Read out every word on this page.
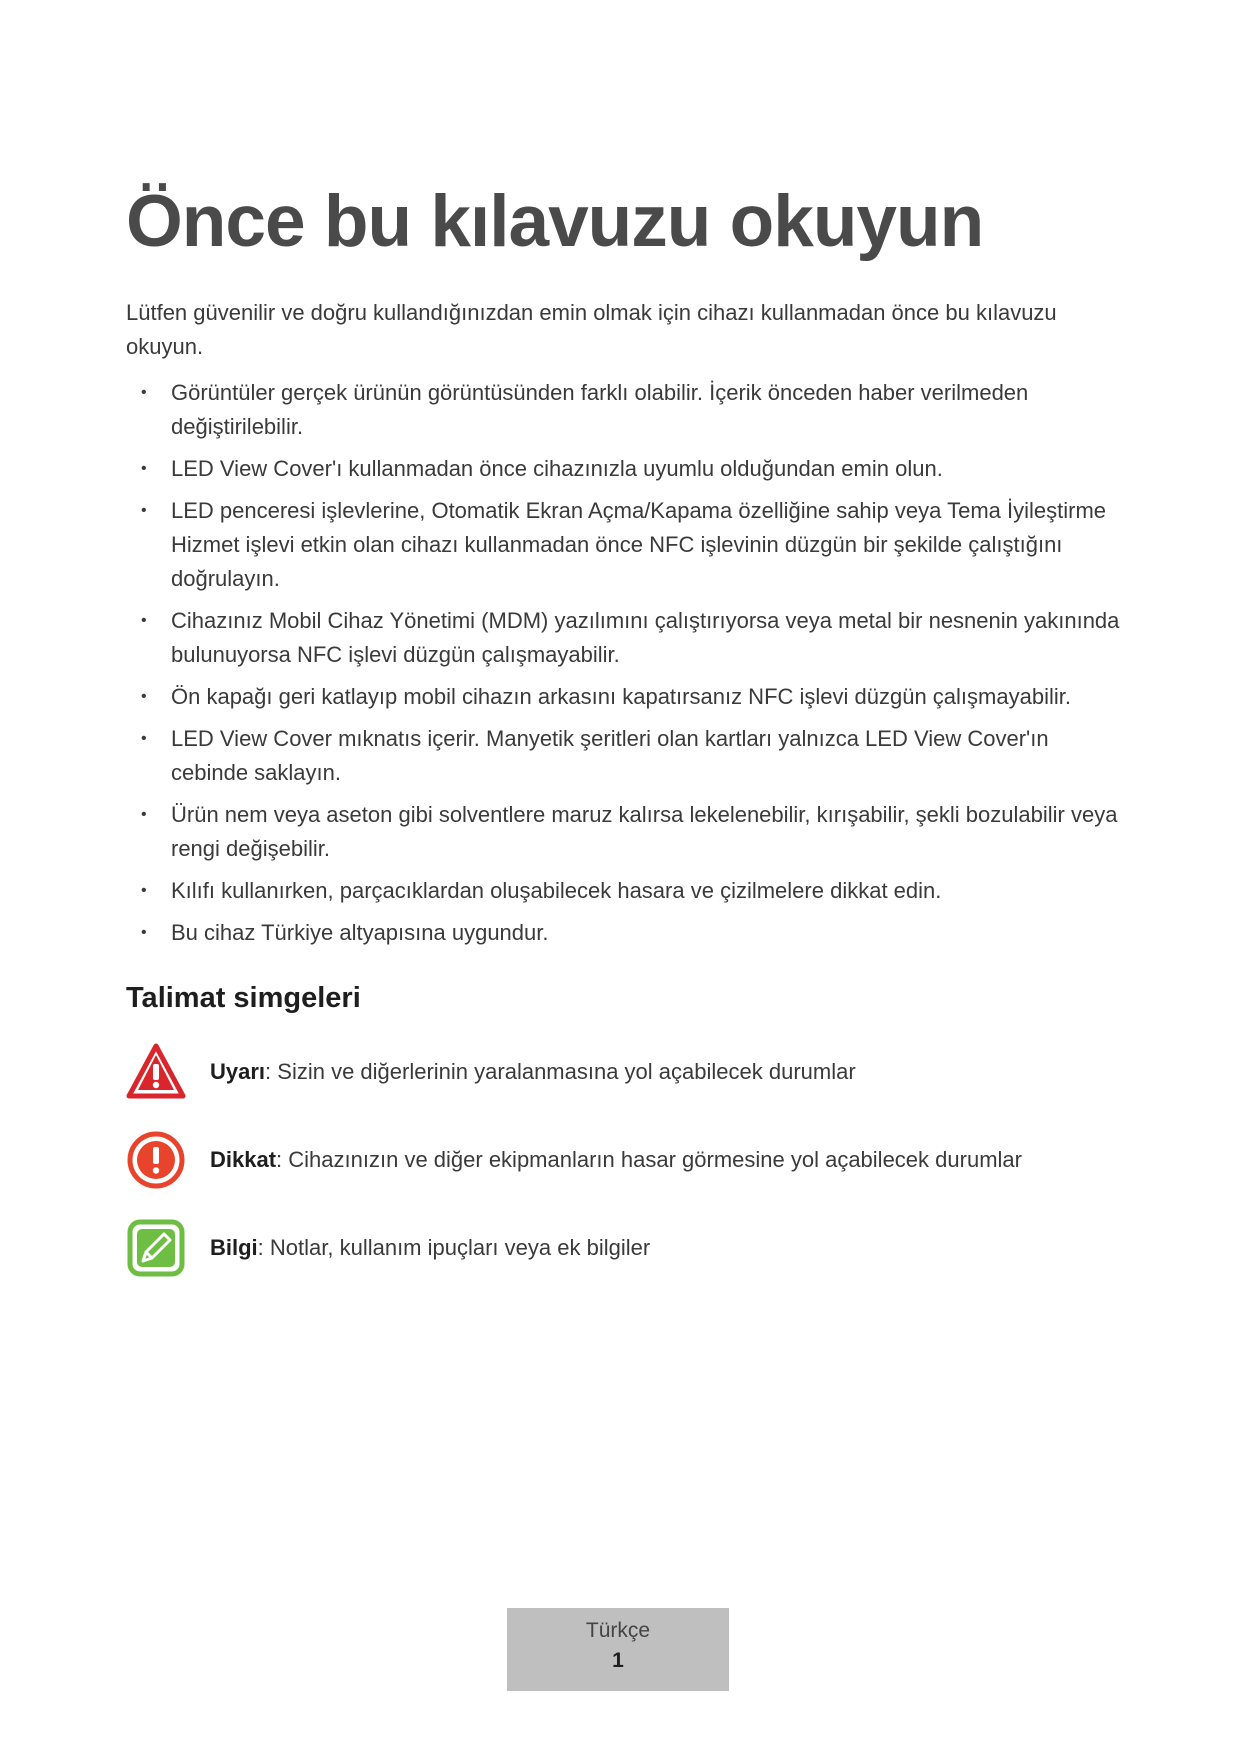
Önce bu kılavuzu okuyun

Lütfen güvenilir ve doğru kullandığınızdan emin olmak için cihazı kullanmadan önce bu kılavuzu okuyun.

• Görüntüler gerçek ürünün görüntüsünden farklı olabilir. İçerik önceden haber verilmeden değiştirilebilir.
• LED View Cover'ı kullanmadan önce cihazınızla uyumlu olduğundan emin olun.
• LED penceresi işlevlerine, Otomatik Ekran Açma/Kapama özelliğine sahip veya Tema İyileştirme Hizmet işlevi etkin olan cihazı kullanmadan önce NFC işlevinin düzgün bir şekilde çalıştığını doğrulayın.
• Cihazınız Mobil Cihaz Yönetimi (MDM) yazılımını çalıştırıyorsa veya metal bir nesnenin yakınında bulunuyorsa NFC işlevi düzgün çalışmayabilir.
• Ön kapağı geri katlayıp mobil cihazın arkasını kapatırsanız NFC işlevi düzgün çalışmayabilir.
• LED View Cover mıknatıs içerir. Manyetik şeritleri olan kartları yalnızca LED View Cover'ın cebinde saklayın.
• Ürün nem veya aseton gibi solventlere maruz kalırsa lekelenebilir, kırışabilir, şekli bozulabilir veya rengi değişebilir.
• Kılıfı kullanırken, parçacıklardan oluşabilecek hasara ve çizilmelere dikkat edin.
• Bu cihaz Türkiye altyapısına uygundur.
Talimat simgeleri
Uyarı: Sizin ve diğerlerinin yaralanmasına yol açabilecek durumlar
Dikkat: Cihazınızın ve diğer ekipmanların hasar görmesine yol açabilecek durumlar
Bilgi: Notlar, kullanım ipuçları veya ek bilgiler
Türkçe
1
